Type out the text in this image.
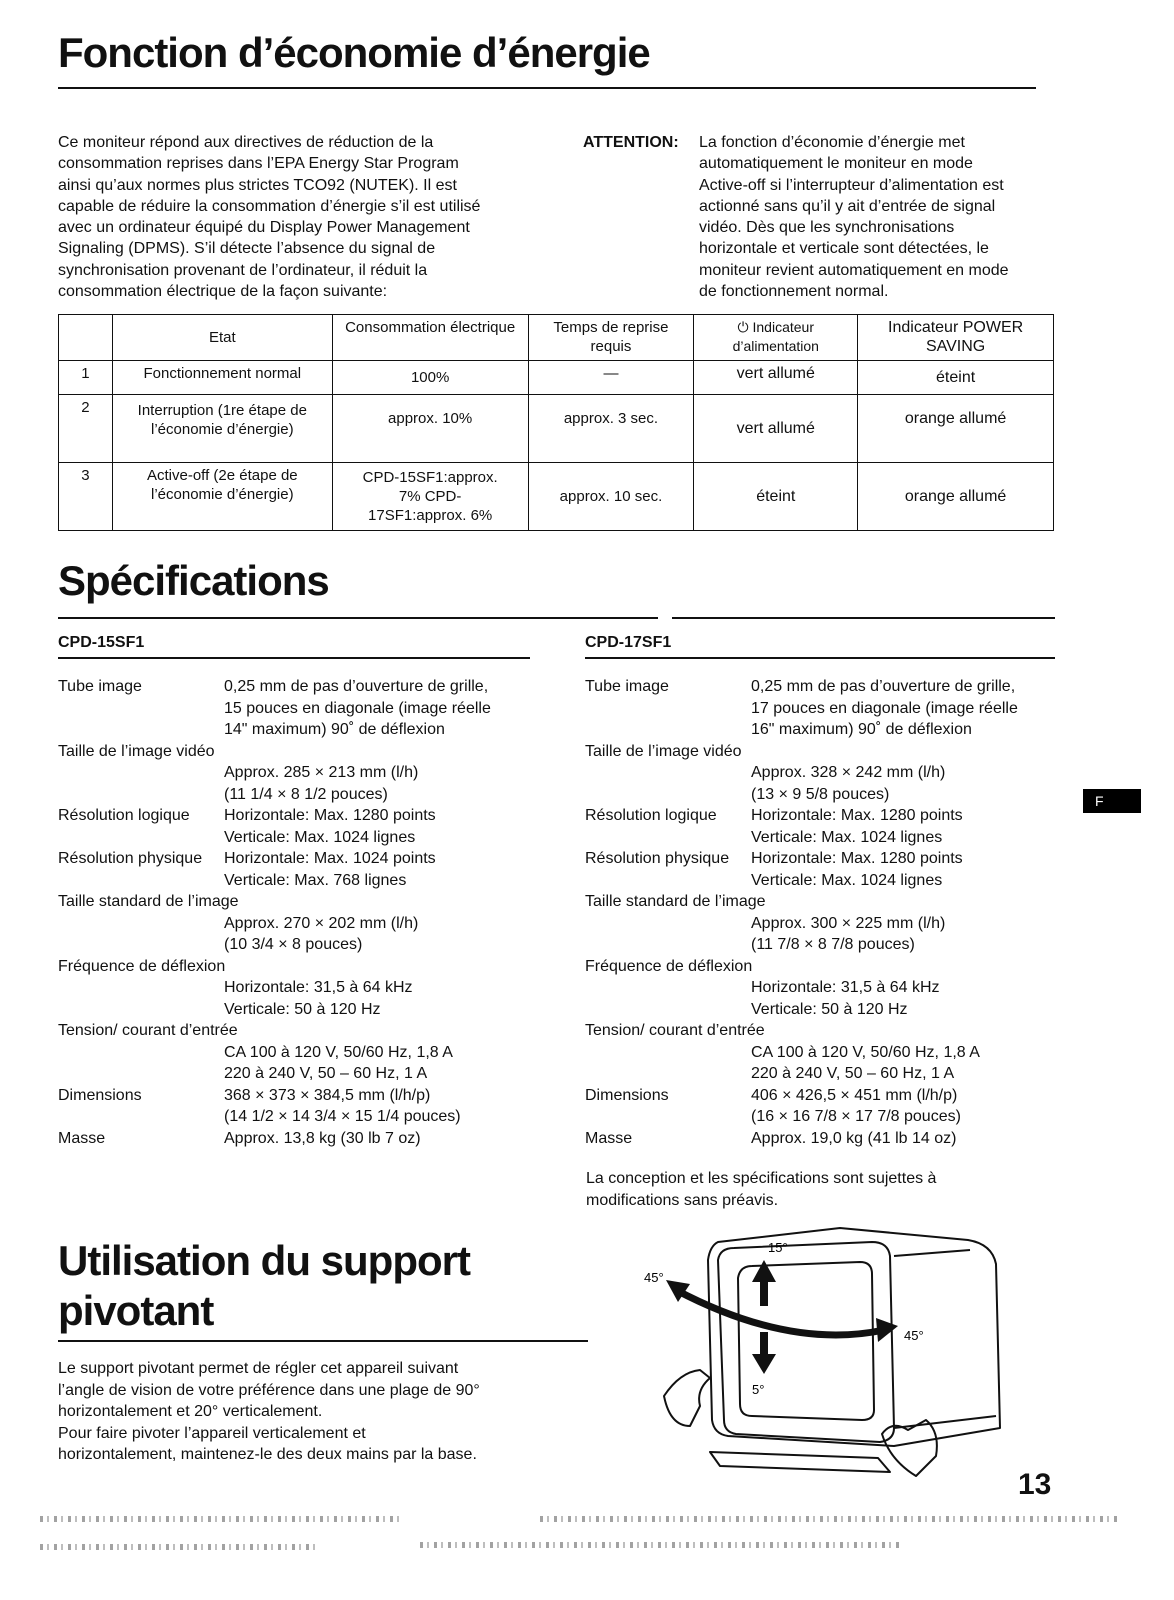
Fonction d’économie d’énergie
Ce moniteur répond aux directives de réduction de la
consommation reprises dans l’EPA Energy Star Program
ainsi qu’aux normes plus strictes TCO92 (NUTEK). Il est
capable de réduire la consommation d’énergie s’il est utilisé
avec un ordinateur équipé du Display Power Management
Signaling (DPMS). S’il détecte l’absence du signal de
synchronisation provenant de l’ordinateur, il réduit la
consommation électrique de la façon suivante:
ATTENTION: La fonction d’économie d’énergie met
automatiquement le moniteur en mode
Active-off si l’interrupteur d’alimentation est
actionné sans qu’il y ait d’entrée de signal
vidéo. Dès que les synchronisations
horizontale et verticale sont détectées, le
moniteur revient automatiquement en mode
de fonctionnement normal.
	Etat	Consommation électrique	Temps de reprise requis	⏻ Indicateur d’alimentation	Indicateur POWER SAVING
1	Fonctionnement normal	100%	—	vert allumé	éteint
2	Interruption (1re étape de l’économie d’énergie)	approx. 10%	approx. 3 sec.	vert allumé	orange allumé
3	Active-off (2e étape de l’économie d’énergie)	CPD-15SF1:approx. 7% CPD-17SF1:approx. 6%	approx. 10 sec.	éteint	orange allumé
Spécifications
CPD-15SF1	CPD-17SF1
Tube image	0,25 mm de pas d’ouverture de grille,
15 pouces en diagonale (image réelle
14" maximum) 90˚ de déflexion
Taille de l’image vidéo
Approx. 285 × 213 mm (l/h)
(11 1/4 × 8 1/2 pouces)
Résolution logique Horizontale: Max. 1280 points
Verticale: Max. 1024 lignes
Résolution physique Horizontale: Max. 1024 points
Verticale: Max. 768 lignes
Taille standard de l’image
Approx. 270 × 202 mm (l/h)
(10 3/4 × 8 pouces)
Fréquence de déflexion
Horizontale: 31,5 à 64 kHz
Verticale: 50 à 120 Hz
Tension/ courant d’entrée
CA 100 à 120 V, 50/60 Hz, 1,8 A
220 à 240 V, 50 – 60 Hz, 1 A
Dimensions	368 × 373 × 384,5 mm (l/h/p)
(14 1/2 × 14 3/4 × 15 1/4 pouces)
Masse	Approx. 13,8 kg (30 lb 7 oz)
Tube image	0,25 mm de pas d’ouverture de grille,
17 pouces en diagonale (image réelle
16" maximum) 90˚ de déflexion
Taille de l’image vidéo
Approx. 328 × 242 mm (l/h)
(13 × 9 5/8 pouces)
Résolution logique Horizontale: Max. 1280 points
Verticale: Max. 1024 lignes
Résolution physique Horizontale: Max. 1280 points
Verticale: Max. 1024 lignes
Taille standard de l’image
Approx. 300 × 225 mm (l/h)
(11 7/8 × 8 7/8 pouces)
Fréquence de déflexion
Horizontale: 31,5 à 64 kHz
Verticale: 50 à 120 Hz
Tension/ courant d’entrée
CA 100 à 120 V, 50/60 Hz, 1,8 A
220 à 240 V, 50 – 60 Hz, 1 A
Dimensions	406 × 426,5 × 451 mm (l/h/p)
(16 × 16 7/8 × 17 7/8 pouces)
Masse	Approx. 19,0 kg (41 lb 14 oz)
La conception et les spécifications sont sujettes à
modifications sans préavis.
F
Utilisation du support
pivotant
Le support pivotant permet de régler cet appareil suivant
l’angle de vision de votre préférence dans une plage de 90°
horizontalement et 20° verticalement.
Pour faire pivoter l’appareil verticalement et
horizontalement, maintenez-le des deux mains par la base.
15°
5°
45°
45°
13
